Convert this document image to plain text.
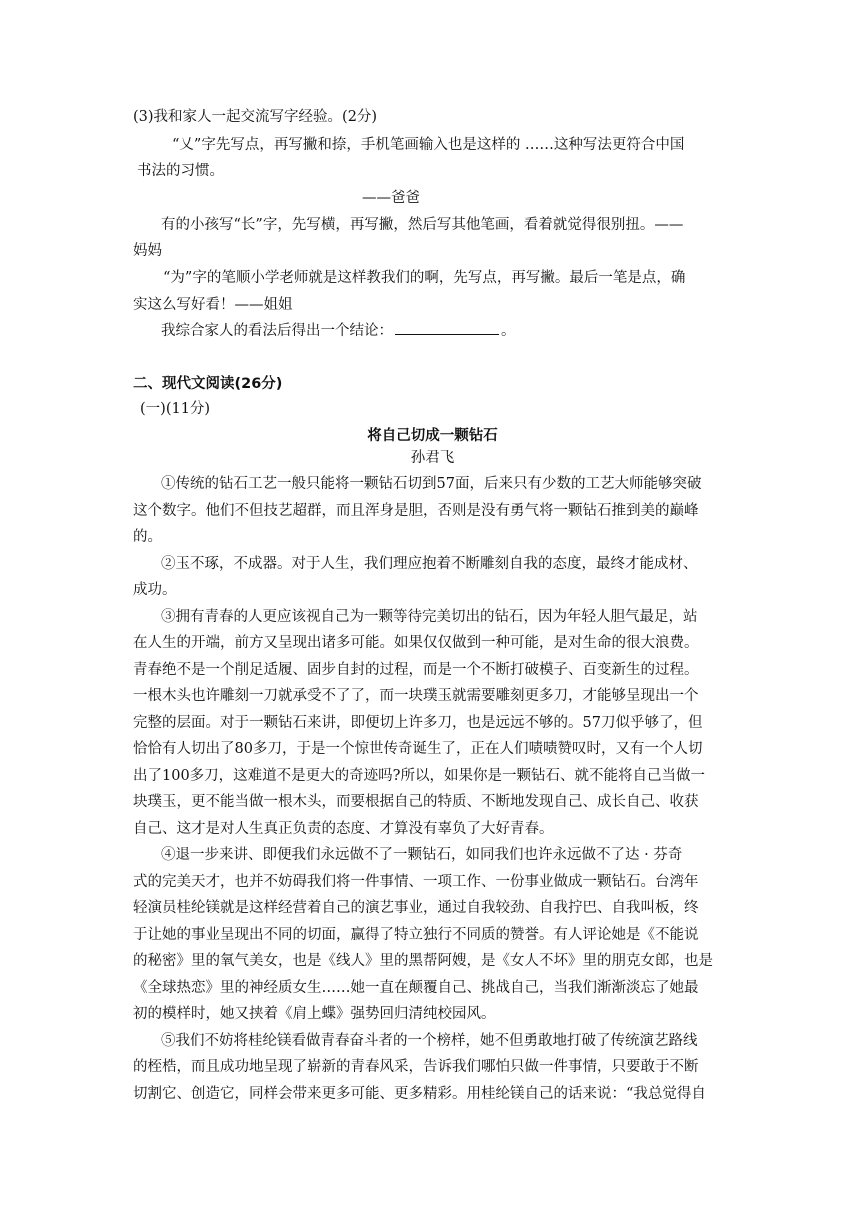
(3)我和家人一起交流写字经验。(2分)
“乂”字先写点，再写撇和捺，手机笔画输入也是这样的 ……这种写法更符合中国
书法的习惯。
——爸爸
有的小孩写“长”字，先写横，再写撇，然后写其他笔画，看着就觉得很别扭。——
妈妈
“为”字的笔顺小学老师就是这样教我们的啊，先写点，再写撇。最后一笔是点，确
实这么写好看！——姐姐
我综合家人的看法后得出一个结论：	。
二、现代文阅读(26分)
(一)(11分)
将自己切成一颗钻石
孙君飞
①传统的钻石工艺一般只能将一颗钻石切到57面，后来只有少数的工艺大师能够突破
这个数字。他们不但技艺超群，而且浑身是胆，否则是没有勇气将一颗钻石推到美的巅峰
的。
②玉不琢，不成器。对于人生，我们理应抱着不断雕刻自我的态度，最终才能成材、
成功。
③拥有青春的人更应该视自己为一颗等待完美切出的钻石，因为年轻人胆气最足，站
在人生的开端，前方又呈现出诸多可能。如果仅仅做到一种可能，是对生命的很大浪费。
青春绝不是一个削足适履、固步自封的过程，而是一个不断打破模子、百变新生的过程。
一根木头也许雕刻一刀就承受不了了，而一块璞玉就需要雕刻更多刀，才能够呈现出一个
完整的层面。对于一颗钻石来讲，即便切上许多刀，也是远远不够的。57刀似乎够了，但
恰恰有人切出了80多刀，于是一个惊世传奇诞生了，正在人们啧啧赞叹时，又有一个人切
出了100多刀，这难道不是更大的奇迹吗?所以，如果你是一颗钻石、就不能将自己当做一
块璞玉，更不能当做一根木头，而要根据自己的特质、不断地发现自己、成长自己、收获
自己、这才是对人生真正负责的态度、才算没有辜负了大好青春。
④退一步来讲、即便我们永远做不了一颗钻石，如同我们也许永远做不了达 · 芬奇
式的完美天才，也并不妨碍我们将一件事情、一项工作、一份事业做成一颗钻石。台湾年
轻演员桂纶镁就是这样经营着自己的演艺事业，通过自我较劲、自我拧巴、自我叫板，终
于让她的事业呈现出不同的切面，赢得了特立独行不同质的赞誉。有人评论她是《不能说
的秘密》里的氧气美女，也是《线人》里的黑帮阿嫂，是《女人不坏》里的朋克女郎，也是
《全球热恋》里的神经质女生……她一直在颠覆自己、挑战自己，当我们渐渐淡忘了她最
初的模样时，她又挟着《肩上蝶》强势回归清纯校园风。
⑤我们不妨将桂纶镁看做青春奋斗者的一个榜样，她不但勇敢地打破了传统演艺路线
的桎梏，而且成功地呈现了崭新的青春风采，告诉我们哪怕只做一件事情，只要敢于不断
切割它、创造它，同样会带来更多可能、更多精彩。用桂纶镁自己的话来说：“我总觉得自
